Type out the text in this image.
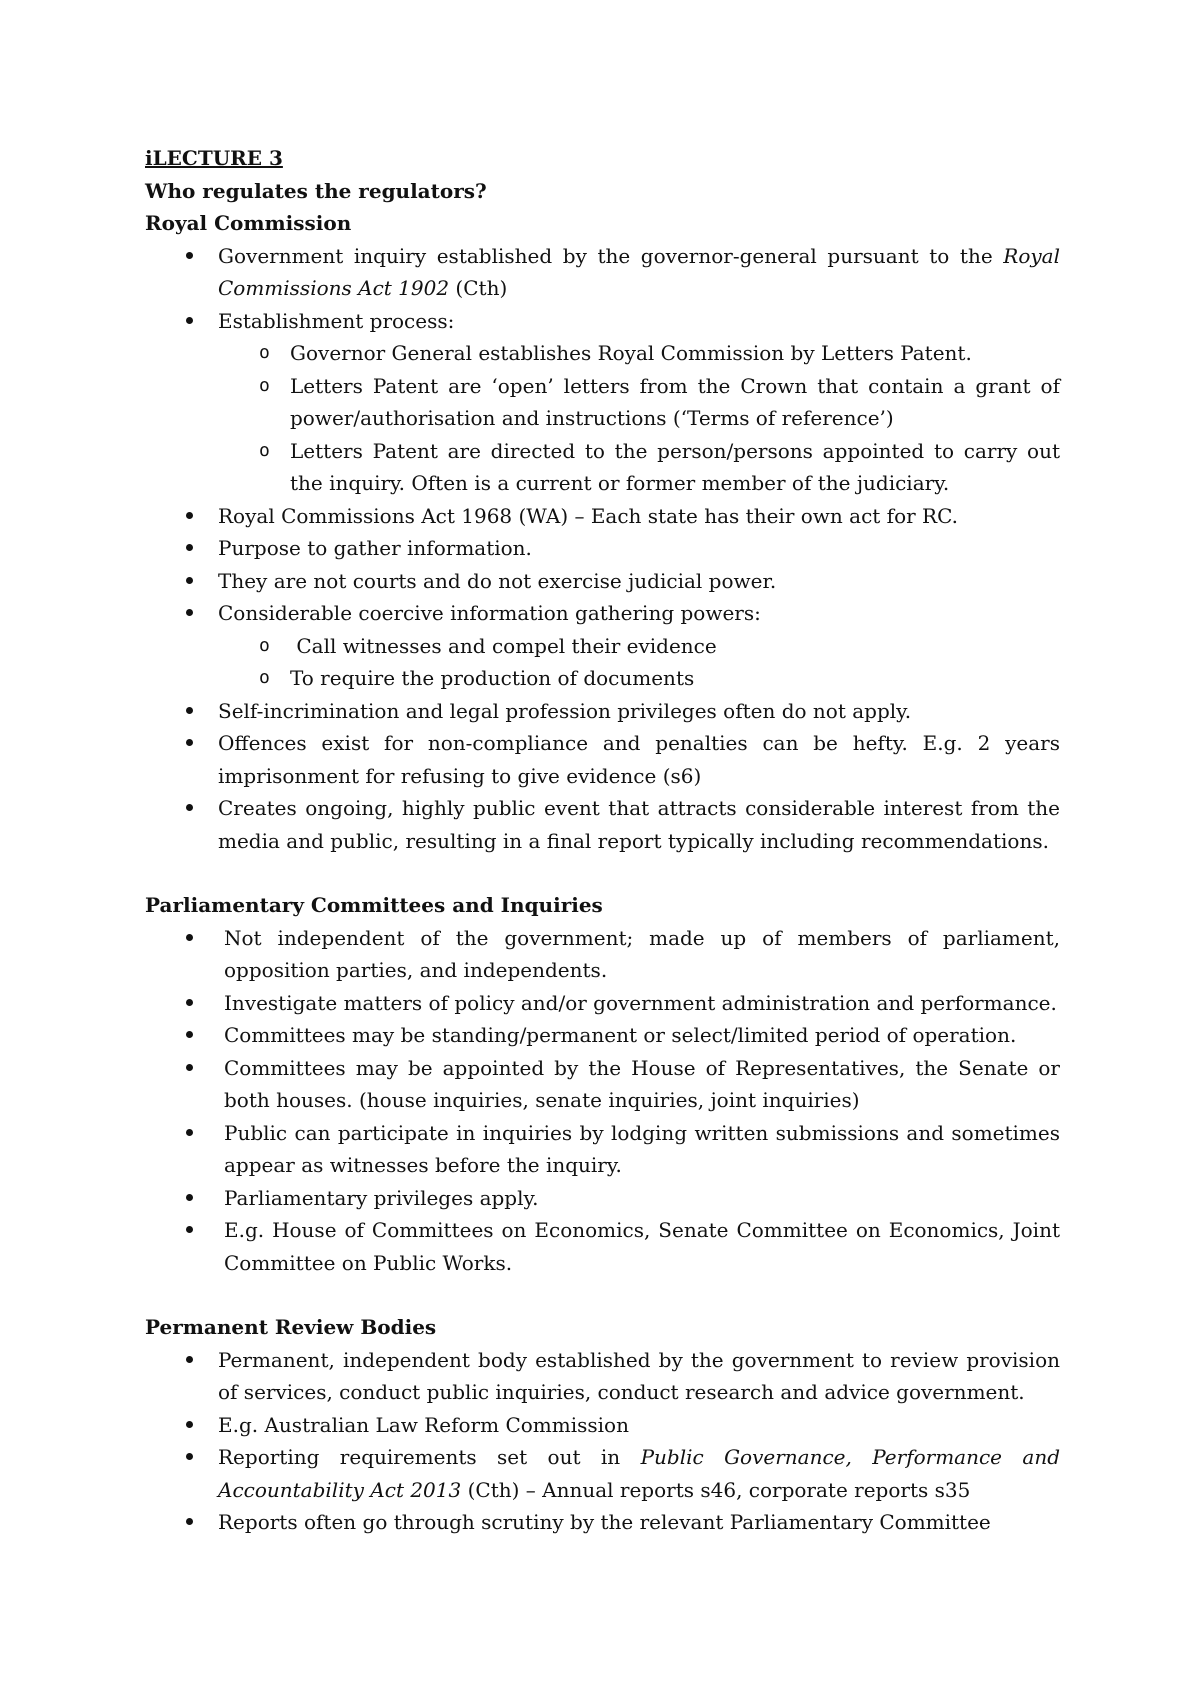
iLECTURE 3
Who regulates the regulators?
Royal Commission
Government inquiry established by the governor-general pursuant to the Royal Commissions Act 1902 (Cth)
Establishment process:
o Governor General establishes Royal Commission by Letters Patent.
o Letters Patent are ‘open’ letters from the Crown that contain a grant of power/authorisation and instructions (‘Terms of reference’)
o Letters Patent are directed to the person/persons appointed to carry out the inquiry. Often is a current or former member of the judiciary.
Royal Commissions Act 1968 (WA) – Each state has their own act for RC.
Purpose to gather information.
They are not courts and do not exercise judicial power.
Considerable coercive information gathering powers:
o  Call witnesses and compel their evidence
o To require the production of documents
Self-incrimination and legal profession privileges often do not apply.
Offences exist for non-compliance and penalties can be hefty. E.g. 2 years imprisonment for refusing to give evidence (s6)
Creates ongoing, highly public event that attracts considerable interest from the media and public, resulting in a final report typically including recommendations.
Parliamentary Committees and Inquiries
Not independent of the government; made up of members of parliament, opposition parties, and independents.
Investigate matters of policy and/or government administration and performance.
Committees may be standing/permanent or select/limited period of operation.
Committees may be appointed by the House of Representatives, the Senate or both houses. (house inquiries, senate inquiries, joint inquiries)
Public can participate in inquiries by lodging written submissions and sometimes appear as witnesses before the inquiry.
Parliamentary privileges apply.
E.g. House of Committees on Economics, Senate Committee on Economics, Joint Committee on Public Works.
Permanent Review Bodies
Permanent, independent body established by the government to review provision of services, conduct public inquiries, conduct research and advice government.
E.g. Australian Law Reform Commission
Reporting requirements set out in Public Governance, Performance and Accountability Act 2013 (Cth) – Annual reports s46, corporate reports s35
Reports often go through scrutiny by the relevant Parliamentary Committee
